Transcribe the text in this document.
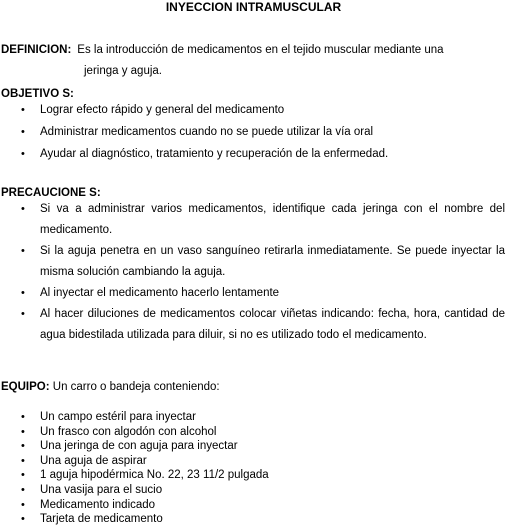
INYECCION INTRAMUSCULAR
DEFINICION: Es la introducción de medicamentos en el tejido muscular mediante una
jeringa y aguja.
OBJETIVO S:
• Lograr efecto rápido y general del medicamento
• Administrar medicamentos cuando no se puede utilizar la vía oral
• Ayudar al diagnóstico, tratamiento y recuperación de la enfermedad.
PRECAUCIONE S:
• Si va a administrar varios medicamentos, identifique cada jeringa con el nombre del medicamento.
• Si la aguja penetra en un vaso sanguíneo retirarla inmediatamente. Se puede inyectar la misma solución cambiando la aguja.
• Al inyectar el medicamento hacerlo lentamente
• Al hacer diluciones de medicamentos colocar viñetas indicando: fecha, hora, cantidad de agua bidestilada utilizada para diluir, si no es utilizado todo el medicamento.
EQUIPO: Un carro o bandeja conteniendo:
• Un campo estéril para inyectar
• Un frasco con algodón con alcohol
• Una jeringa de con aguja para inyectar
• Una aguja de aspirar
• 1 aguja hipodérmica No. 22, 23 11/2 pulgada
• Una vasija para el sucio
• Medicamento indicado
• Tarjeta de medicamento
